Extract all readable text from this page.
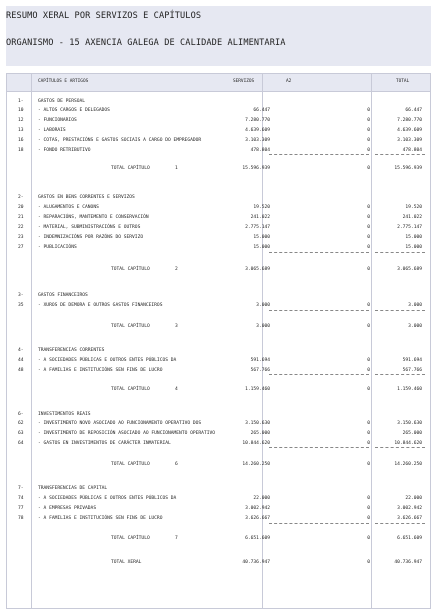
RESUMO XERAL POR SERVIZOS E CAPÍTULOS
ORGANISMO - 15 AXENCIA GALEGA DE CALIDADE ALIMENTARIA
CAPÍTULOS E ARTIGOS	SERVIZOS	A2	TOTAL
1-	GASTOS DE PERSOAL
10	- ALTOS CARGOS E DELEGADOS	66.447	0	66.447
12	- FUNCIONARIOS	7.280.770	0	7.280.770
13	- LABORAIS	4.639.609	0	4.639.609
16	- COTAS, PRESTACIÓNS E GASTOS SOCIAIS A CARGO DO EMPREGADOR	3.103.309	0	3.103.309
18	- FONDO RETRIBUTIVO	478.804	0	478.804
TOTAL CAPÍTULO	1	15.596.939	0	15.596.939
2-	GASTOS EN BENS CORRENTES E SERVIZOS
20	- ALUGAMENTOS E CANONS	19.520	0	19.520
21	- REPARACIÓNS, MANTEMENTO E CONSERVACIÓN	241.022	0	241.022
22	- MATERIAL, SUBMINISTRACIÓNS E OUTROS	2.775.147	0	2.775.147
23	- INDEMNIZACIÓNS POR RAZÓNS DO SERVIZO	15.000	0	15.000
27	- PUBLICACIÓNS	15.000	0	15.000
TOTAL CAPÍTULO	2	3.065.689	0	3.065.689
3-	GASTOS FINANCEIROS
35	- XUROS DE DEMORA E OUTROS GASTOS FINANCEIROS	3.000	0	3.000
TOTAL CAPÍTULO	3	3.000	0	3.000
4-	TRANSFERENCIAS CORRENTES
44	- A SOCIEDADES PÚBLICAS E OUTROS ENTES PÚBLICOS DA	591.694	0	591.694
48	- A FAMILIAS E INSTITUCIÓNS SEN FINS DE LUCRO	567.766	0	567.766
TOTAL CAPÍTULO	4	1.159.460	0	1.159.460
6-	INVESTIMENTOS REAIS
62	- INVESTIMENTO NOVO ASOCIADO AO FUNCIONAMENTO OPERATIVO DOS	3.150.630	0	3.150.630
63	- INVESTIMENTO DE REPOSICIÓN ASOCIADO AO FUNCIONAMENTO OPERATIVO	265.000	0	265.000
64	- GASTOS EN INVESTIMENTOS DE CARÁCTER INMATERIAL	10.844.620	0	10.844.620
TOTAL CAPÍTULO	6	14.260.250	0	14.260.250
7-	TRANSFERENCIAS DE CAPITAL
74	- A SOCIEDADES PÚBLICAS E OUTROS ENTES PÚBLICOS DA	22.000	0	22.000
77	- A EMPRESAS PRIVADAS	3.002.942	0	3.002.942
78	- A FAMILIAS E INSTITUCIÓNS SEN FINS DE LUCRO	3.626.667	0	3.626.667
TOTAL CAPÍTULO	7	6.651.609	0	6.651.609
TOTAL XERAL	40.736.947	0	40.736.947
